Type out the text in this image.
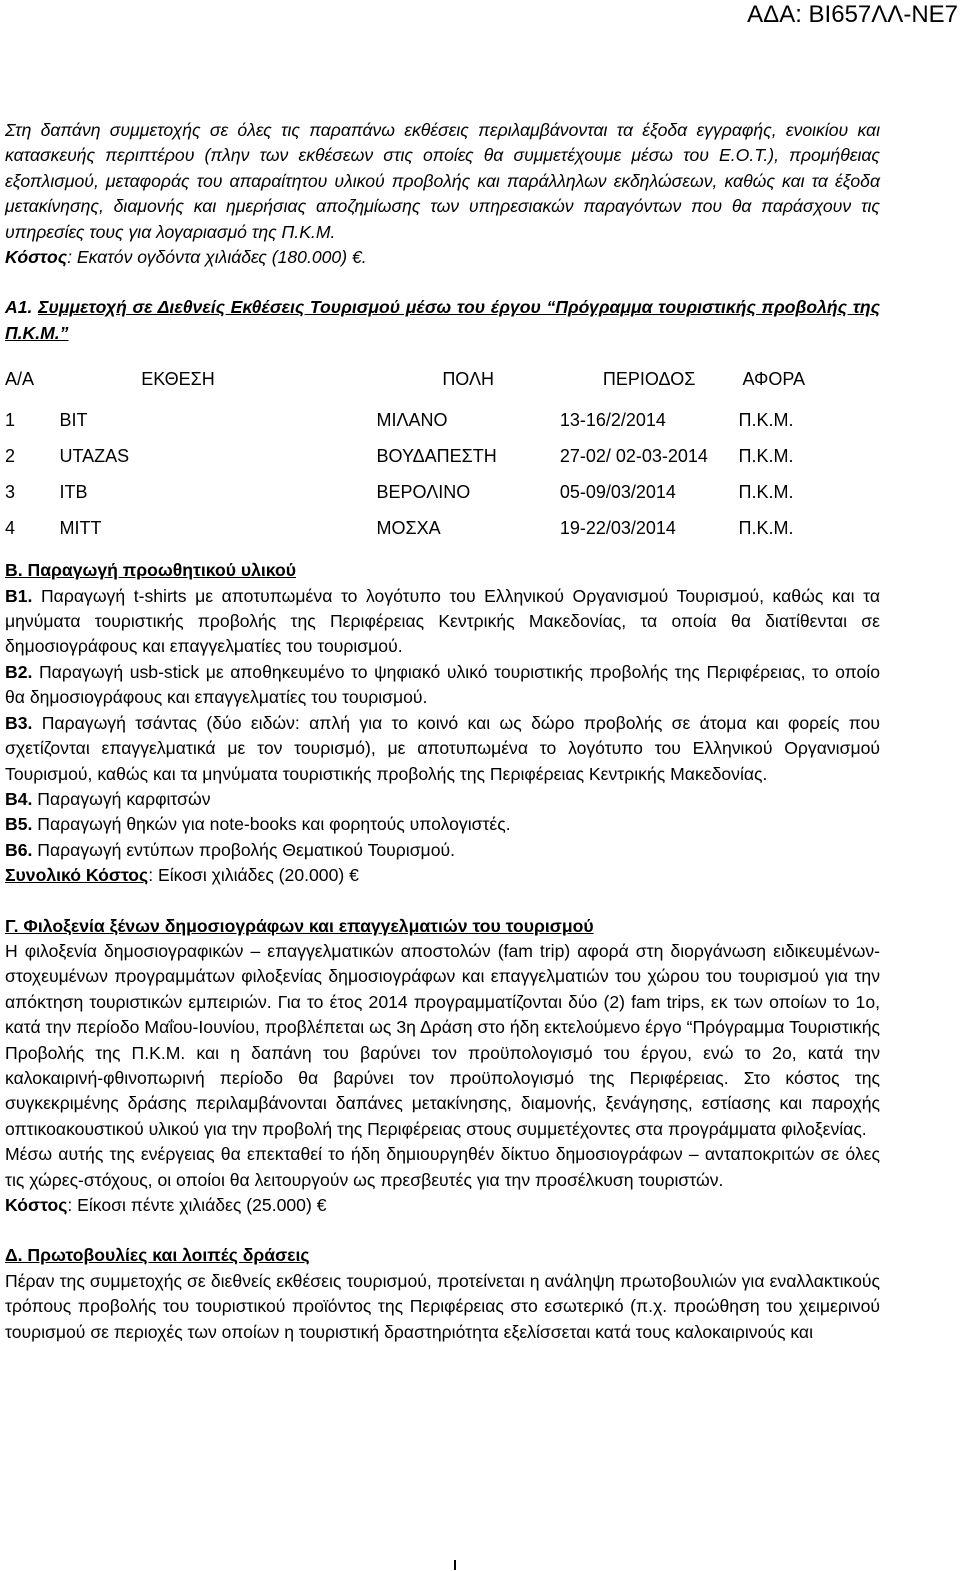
ΑΔΑ: ΒΙ657ΛΛ-ΝΕ7

Στη δαπάνη συμμετοχής σε όλες τις παραπάνω εκθέσεις περιλαμβάνονται τα έξοδα εγγραφής, ενοικίου και κατασκευής περιπτέρου (πλην των εκθέσεων στις οποίες θα συμμετέχουμε μέσω του Ε.Ο.Τ.), προμήθειας εξοπλισμού, μεταφοράς του απαραίτητου υλικού προβολής και παράλληλων εκδηλώσεων, καθώς και τα έξοδα μετακίνησης, διαμονής και ημερήσιας αποζημίωσης των υπηρεσιακών παραγόντων που θα παράσχουν τις υπηρεσίες τους για λογαριασμό της Π.Κ.Μ.

Κόστος: Εκατόν ογδόντα χιλιάδες (180.000) €.

Α1. Συμμετοχή σε Διεθνείς Εκθέσεις Τουρισμού μέσω του έργου “Πρόγραμμα τουριστικής προβολής της Π.Κ.Μ.”

Α/Α	ΕΚΘΕΣΗ	ΠΟΛΗ	ΠΕΡΙΟΔΟΣ	ΑΦΟΡΑ
1	BIT	ΜΙΛΑΝΟ	13-16/2/2014	Π.Κ.Μ.
2	UTAZAS	ΒΟΥΔΑΠΕΣΤΗ	27-02/ 02-03-2014	Π.Κ.Μ.
3	ITB	ΒΕΡΟΛΙΝΟ	05-09/03/2014	Π.Κ.Μ.
4	MITT	ΜΟΣΧΑ	19-22/03/2014	Π.Κ.Μ.

Β. Παραγωγή προωθητικού υλικού

Β1. Παραγωγή t-shirts με αποτυπωμένα το λογότυπο του Ελληνικού Οργανισμού Τουρισμού, καθώς και τα μηνύματα τουριστικής προβολής της Περιφέρειας Κεντρικής Μακεδονίας, τα οποία θα διατίθενται σε δημοσιογράφους και επαγγελματίες του τουρισμού.

Β2. Παραγωγή usb-stick με αποθηκευμένο το ψηφιακό υλικό τουριστικής προβολής της Περιφέρειας, το οποίο θα δημοσιογράφους και επαγγελματίες του τουρισμού.

Β3. Παραγωγή τσάντας (δύο ειδών: απλή για το κοινό και ως δώρο προβολής σε άτομα και φορείς που σχετίζονται επαγγελματικά με τον τουρισμό), με αποτυπωμένα το λογότυπο του Ελληνικού Οργανισμού Τουρισμού, καθώς και τα μηνύματα τουριστικής προβολής της Περιφέρειας Κεντρικής Μακεδονίας.

Β4. Παραγωγή καρφιτσών

Β5. Παραγωγή θηκών για note-books και φορητούς υπολογιστές.

Β6. Παραγωγή εντύπων προβολής Θεματικού Τουρισμού.

Συνολικό Κόστος: Είκοσι χιλιάδες (20.000) €

Γ. Φιλοξενία ξένων δημοσιογράφων και επαγγελματιών του τουρισμού

Η φιλοξενία δημοσιογραφικών – επαγγελματικών αποστολών (fam trip) αφορά στη διοργάνωση ειδικευμένων-στοχευμένων προγραμμάτων φιλοξενίας δημοσιογράφων και επαγγελματιών του χώρου του τουρισμού για την απόκτηση τουριστικών εμπειριών. Για το έτος 2014 προγραμματίζονται δύο (2) fam trips, εκ των οποίων το 1ο, κατά την περίοδο Μαΐου-Ιουνίου, προβλέπεται ως 3η Δράση στο ήδη εκτελούμενο έργο “Πρόγραμμα Τουριστικής Προβολής της Π.Κ.Μ. και η δαπάνη του βαρύνει τον προϋπολογισμό του έργου, ενώ το 2ο, κατά την καλοκαιρινή-φθινοπωρινή περίοδο θα βαρύνει τον προϋπολογισμό της Περιφέρειας. Στο κόστος της συγκεκριμένης δράσης περιλαμβάνονται δαπάνες μετακίνησης, διαμονής, ξενάγησης, εστίασης και παροχής οπτικοακουστικού υλικού για την προβολή της Περιφέρειας στους συμμετέχοντες στα προγράμματα φιλοξενίας.

Μέσω αυτής της ενέργειας θα επεκταθεί το ήδη δημιουργηθέν δίκτυο δημοσιογράφων – ανταποκριτών σε όλες τις χώρες-στόχους, οι οποίοι θα λειτουργούν ως πρεσβευτές για την προσέλκυση τουριστών.

Κόστος: Είκοσι πέντε χιλιάδες (25.000) €

Δ. Πρωτοβουλίες και λοιπές δράσεις

Πέραν της συμμετοχής σε διεθνείς εκθέσεις τουρισμού, προτείνεται η ανάληψη πρωτοβουλιών για εναλλακτικούς τρόπους προβολής του τουριστικού προϊόντος της Περιφέρειας στο εσωτερικό (π.χ. προώθηση του χειμερινού τουρισμού σε περιοχές των οποίων η τουριστική δραστηριότητα εξελίσσεται κατά τους καλοκαιρινούς και
